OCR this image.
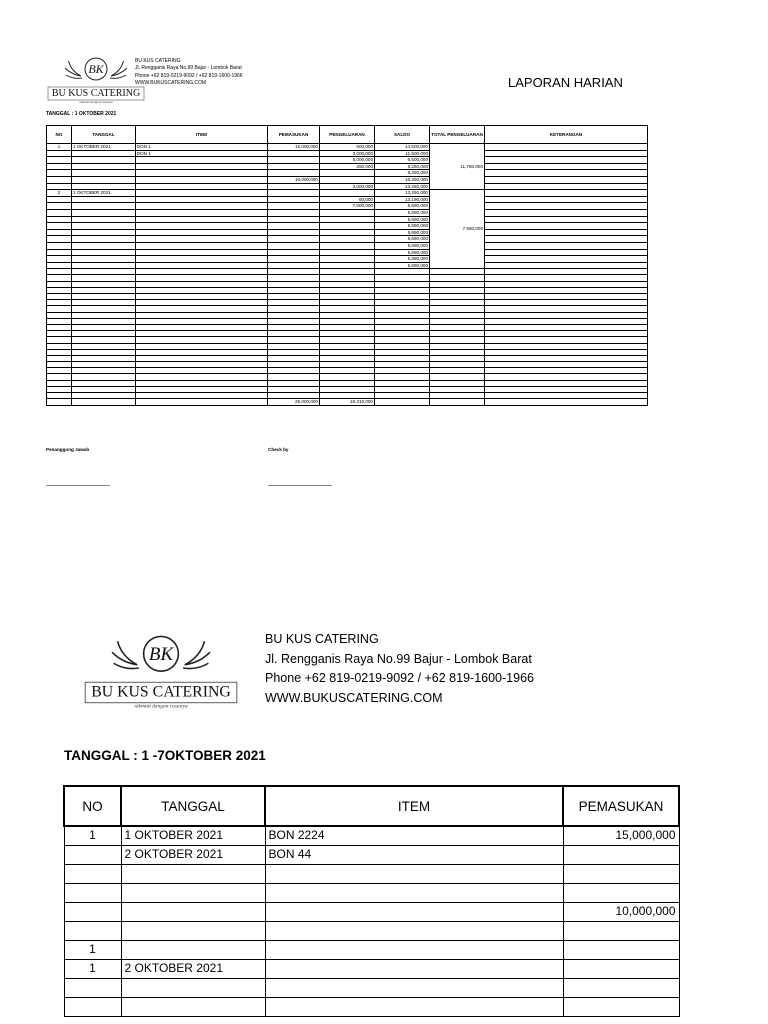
BK
BU KUS CATERING
nikmati dengan rasanya
BU KUS CATERING
Jl. Rengganis Raya No.99 Bajur - Lombok Barat
Phone +62 819-0219-9092 / +62 819-1600-1966
WWW.BUKUSCATERING.COM	LAPORAN HARIAN
TANGGAL : 1 OKTOBER 2021
NO	TANGGAL	ITEM	PEMASUKAN	PENGELUARAN	SALDO	TOTAL PENGELUARAN	KETERANGAN
1	1 OKTOBER 2021	BON 1	15,000,000	500,000	14,500,000	11,750,000	
		BON 1		3,000,000	11,500,000		
				5,000,000	6,500,000		
				250,000	6,250,000		
					6,250,000		
			10,000,000		16,250,000		
				3,000,000	13,250,000		
2	2 OKTOBER 2021				13,250,000	7,560,000	
				60,000	13,190,000		
				7,500,000	5,690,000		
					5,690,000		
					5,690,000		
					5,690,000		
					5,690,000		
					5,690,000		
					5,690,000		
					5,690,000		
					5,690,000		
					5,690,000		

			25,000,000	19,310,000			
Penanggung Jawab	Check by
BK
BU KUS CATERING
nikmati dengan rasanya
BU KUS CATERING
Jl. Rengganis Raya No.99 Bajur - Lombok Barat
Phone +62 819-0219-9092 / +62 819-1600-1966
WWW.BUKUSCATERING.COM
TANGGAL : 1 -7OKTOBER 2021
NO	TANGGAL	ITEM	PEMASUKAN
1	1 OKTOBER 2021	BON 2224	15,000,000
	2 OKTOBER 2021	BON 44	

			10,000,000

1			
1	2 OKTOBER 2021		
